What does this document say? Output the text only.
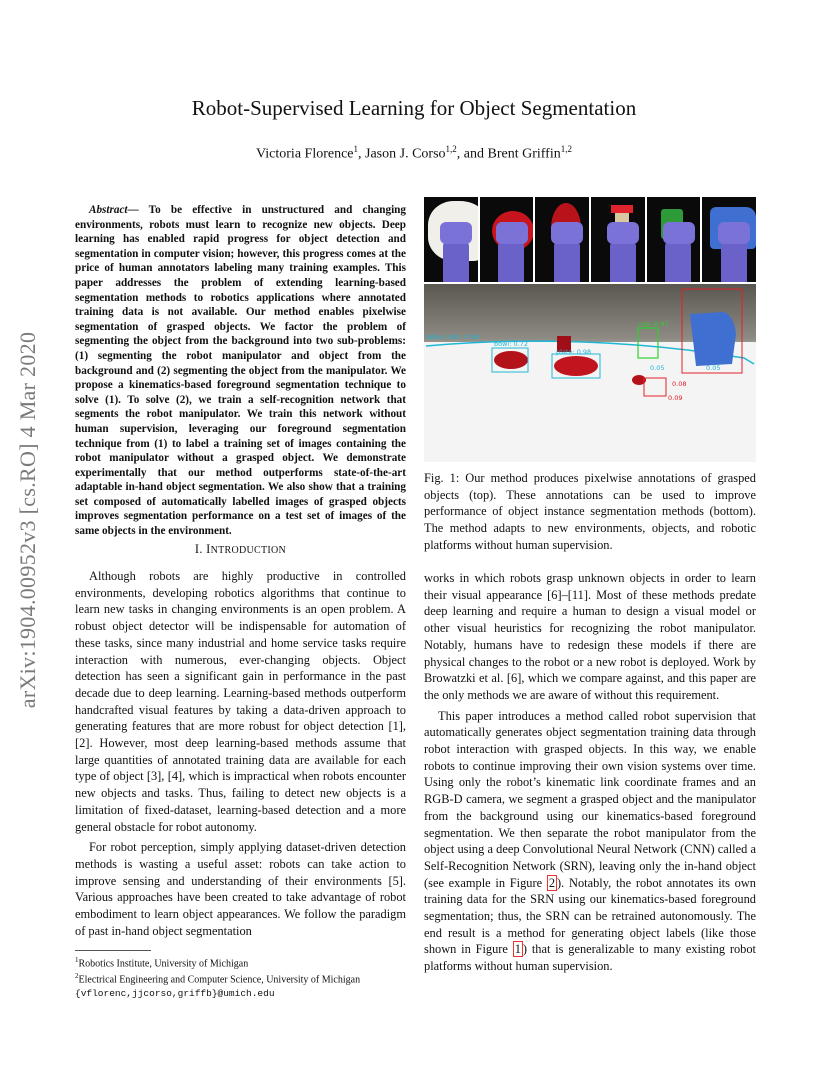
Robot-Supervised Learning for Object Segmentation
Victoria Florence$^1$, Jason J. Corso$^{1,2}$, and Brent Griffin$^{1,2}$
arXiv:1904.00952v3 [cs.RO] 4 Mar 2020

Abstract— To be effective in unstructured and changing environments, robots must learn to recognize new objects. Deep learning has enabled rapid progress for object detection and segmentation in computer vision; however, this progress comes at the price of human annotators labeling many training examples. This paper addresses the problem of extending learning-based segmentation methods to robotics applications where annotated training data is not available. Our method enables pixelwise segmentation of grasped objects. We factor the problem of segmenting the object from the background into two sub-problems: (1) segmenting the robot manipulator and object from the background and (2) segmenting the object from the manipulator. We propose a kinematics-based foreground segmentation technique to solve (1). To solve (2), we train a self-recognition network that segments the robot manipulator. We train this network without human supervision, leveraging our foreground segmentation technique from (1) to label a training set of images containing the robot manipulator without a grasped object. We demonstrate experimentally that our method outperforms state-of-the-art adaptable in-hand object segmentation. We also show that a training set composed of automatically labelled images of grasped objects improves segmentation performance on a test set of images of the same objects in the environment.

I. INTRODUCTION

Although robots are highly productive in controlled environments, developing robotics algorithms that continue to learn new tasks in changing environments is an open problem. A robust object detector will be indispensable for automation of these tasks, since many industrial and home service tasks require interaction with numerous, ever-changing objects. Object detection has seen a significant gain in performance in the past decade due to deep learning. Learning-based methods outperform handcrafted visual features by taking a data-driven approach to generating features that are more robust for object detection [1], [2]. However, most deep learning-based methods assume that large quantities of annotated training data are available for each type of object [3], [4], which is impractical when robots encounter new objects and tasks. Thus, failing to detect new objects is a limitation of fixed-dataset, learning-based detection and a more general obstacle for robot autonomy.

For robot perception, simply applying dataset-driven detection methods is wasting a useful asset: robots can take action to improve sensing and understanding of their environments [5]. Various approaches have been created to take advantage of robot embodiment to learn object appearances. We follow the paradigm of past in-hand object segmentation

$^1$Robotics Institute, University of Michigan
$^2$Electrical Engineering and Computer Science, University of Michigan
{vflorenc,jjcorso,griffb}@umich.edu
table cloth: 0.98
bowl: 0.72
plate: 0.98
cup: 0.97
0.08
0.05
0.09
0.05
Fig. 1: Our method produces pixelwise annotations of grasped objects (top). These annotations can be used to improve performance of object instance segmentation methods (bottom). The method adapts to new environments, objects, and robotic platforms without human supervision.

works in which robots grasp unknown objects in order to learn their visual appearance [6]–[11]. Most of these methods predate deep learning and require a human to design a visual model or other visual heuristics for recognizing the robot manipulator. Notably, humans have to redesign these models if there are physical changes to the robot or a new robot is deployed. Work by Browatzki et al. [6], which we compare against, and this paper are the only methods we are aware of without this requirement.

This paper introduces a method called robot supervision that automatically generates object segmentation training data through robot interaction with grasped objects. In this way, we enable robots to continue improving their own vision systems over time. Using only the robot’s kinematic link coordinate frames and an RGB-D camera, we segment a grasped object and the manipulator from the background using our kinematics-based foreground segmentation. We then separate the robot manipulator from the object using a deep Convolutional Neural Network (CNN) called a Self-Recognition Network (SRN), leaving only the in-hand object (see example in Figure 2 ). Notably, the robot annotates its own training data for the SRN using our kinematics-based foreground segmentation; thus, the SRN can be retrained autonomously. The end result is a method for generating object labels (like those shown in Figure 1 ) that is generalizable to many existing robot platforms without human supervision.
